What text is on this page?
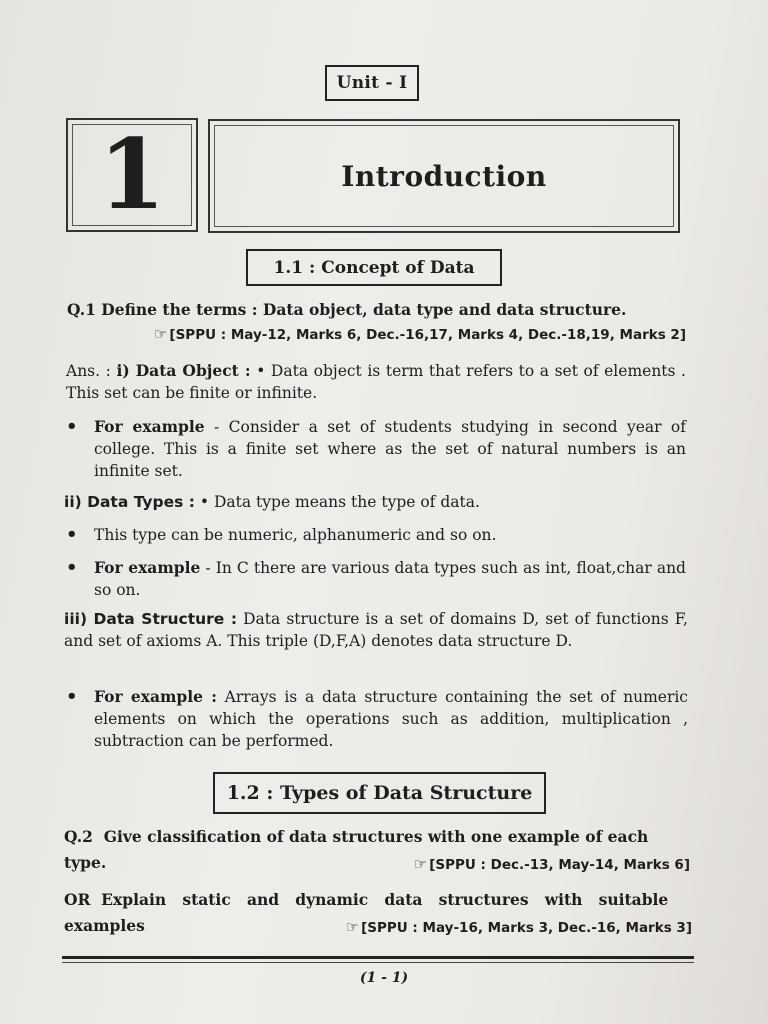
Unit - I
1	Introduction
1.1 : Concept of Data
Q.1 Define the terms : Data object, data type and data structure.
☞ [SPPU : May-12, Marks 6, Dec.-16,17, Marks 4, Dec.-18,19, Marks 2]
Ans. : i) Data Object : • Data object is term that refers to a set of elements . This set can be finite or infinite.
• For example - Consider a set of students studying in second year of college. This is a finite set where as the set of natural numbers is an infinite set.
ii) Data Types : • Data type means the type of data.
• This type can be numeric, alphanumeric and so on.
• For example - In C there are various data types such as int, float,char and so on.
iii) Data Structure : Data structure is a set of domains D, set of functions F, and set of axioms A. This triple (D,F,A) denotes data structure D.
• For example : Arrays is a data structure containing the set of numeric elements on which the operations such as addition, multiplication , subtraction can be performed.
1.2 : Types of Data Structure
Q.2  Give classification of data structures with one example of each
type.	☞ [SPPU : Dec.-13, May-14, Marks 6]
OR  Explain   static   and   dynamic   data   structures   with   suitable
examples	☞ [SPPU : May-16, Marks 3, Dec.-16, Marks 3]
(1 - 1)
